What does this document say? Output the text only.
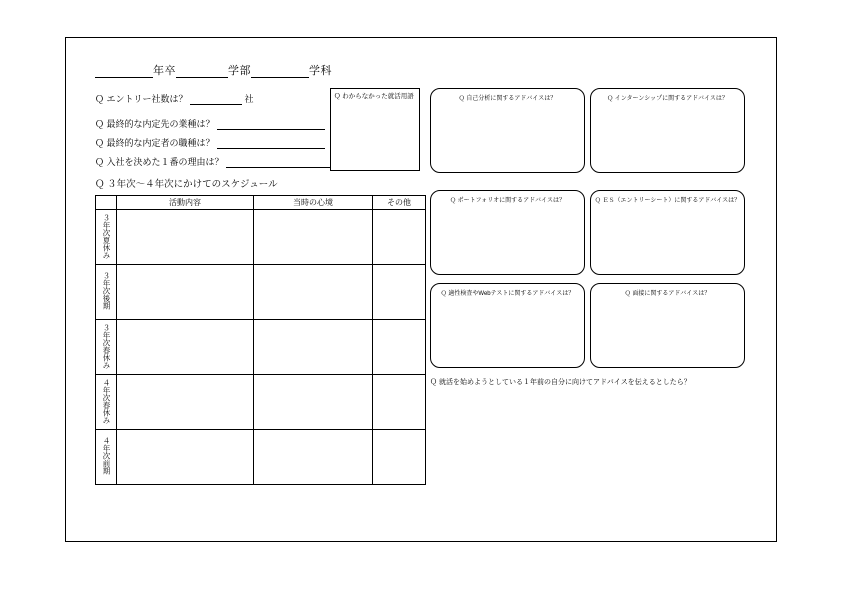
年卒	学部	学科
Ｑ エントリー社数は？	社
Ｑ 最終的な内定先の業種は？
Ｑ 最終的な内定者の職種は？
Ｑ 入社を決めた１番の理由は？
Ｑ わからなかった就活用語
Ｑ ３年次～４年次にかけてのスケジュール
	活動内容	当時の心境	その他
３年次夏休み			
３年次後期			
３年次春休み			
４年次春休み			
４年次前期			
Ｑ 自己分析に関するアドバイスは？	Ｑ インターンシップに関するアドバイスは？
Ｑ ポートフォリオに関するアドバイスは？	Ｑ ＥＳ（エントリーシート）に関するアドバイスは？
Ｑ 適性検査やWebテストに関するアドバイスは？	Ｑ 面接に関するアドバイスは？
Ｑ 就活を始めようとしている１年前の自分に向けてアドバイスを伝えるとしたら？
